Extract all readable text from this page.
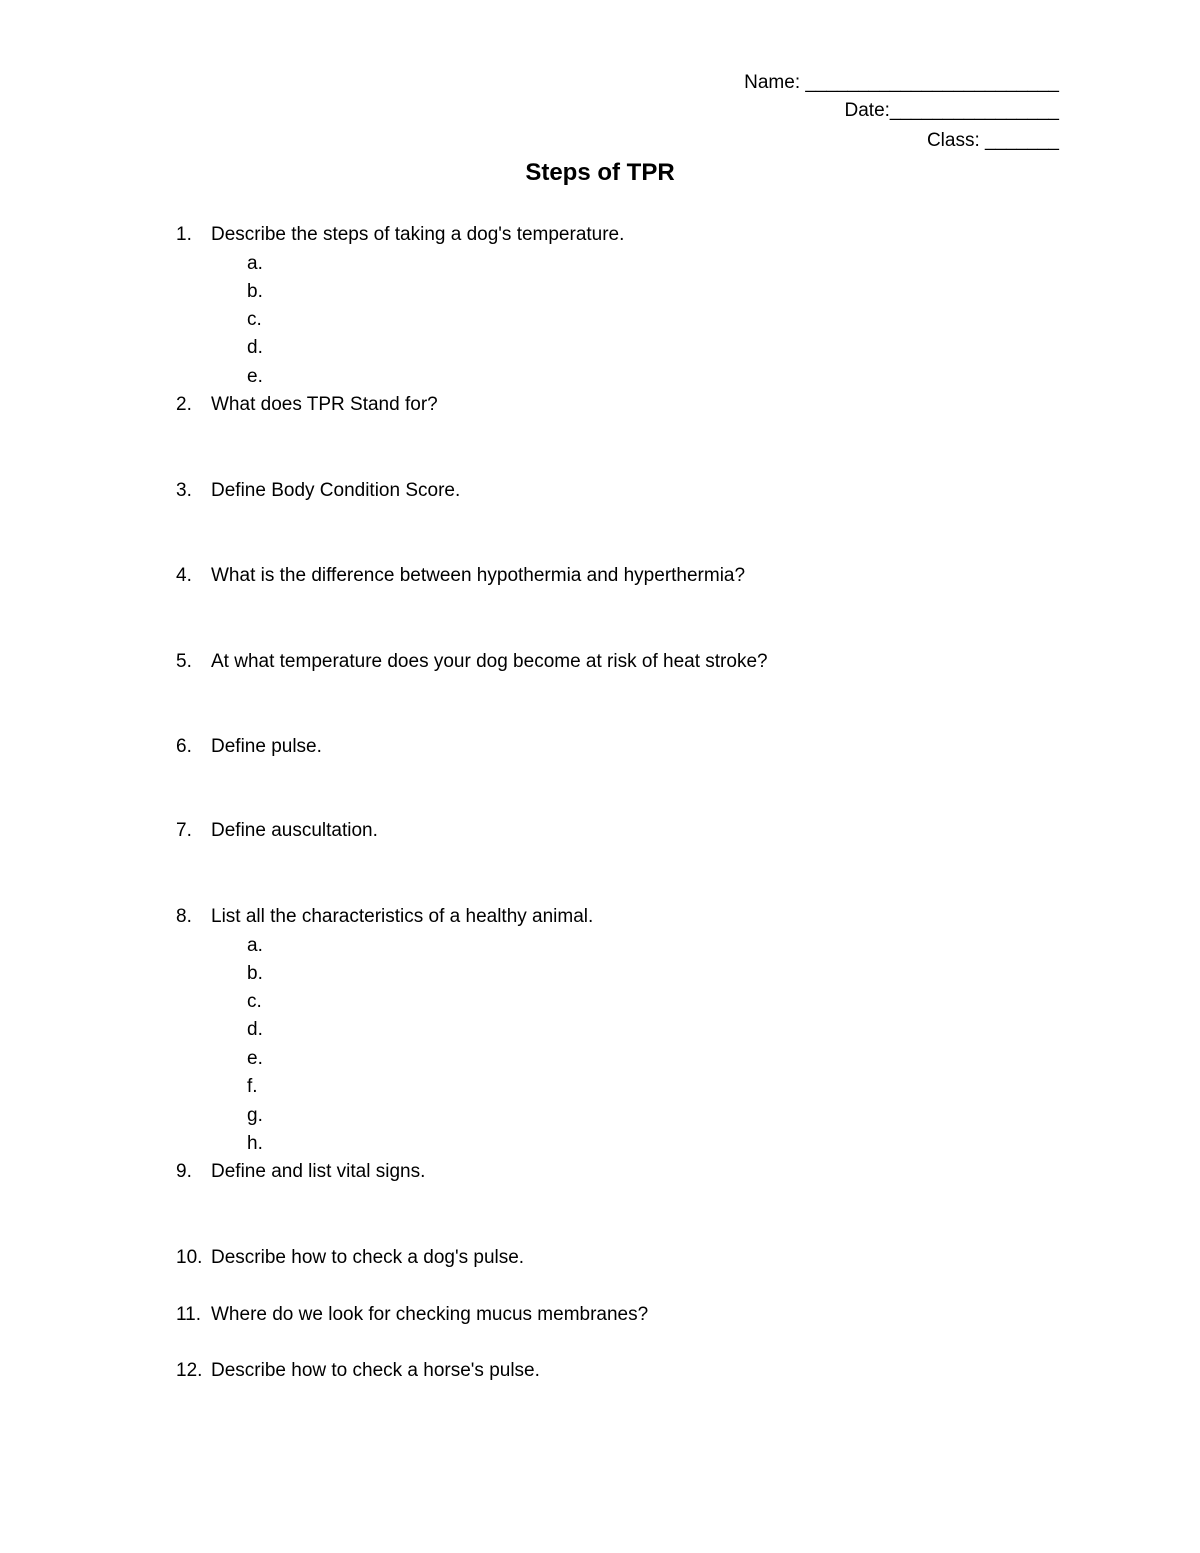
Name: ________________________
Date:________________
Class: _______
Steps of TPR
1. Describe the steps of taking a dog's temperature.
a.
b.
c.
d.
e.
2. What does TPR Stand for?
3. Define Body Condition Score.
4. What is the difference between hypothermia and hyperthermia?
5. At what temperature does your dog become at risk of heat stroke?
6. Define pulse.
7. Define auscultation.
8. List all the characteristics of a healthy animal.
a.
b.
c.
d.
e.
f.
g.
h.
9. Define and list vital signs.
10. Describe how to check a dog's pulse.
11. Where do we look for checking mucus membranes?
12. Describe how to check a horse's pulse.
